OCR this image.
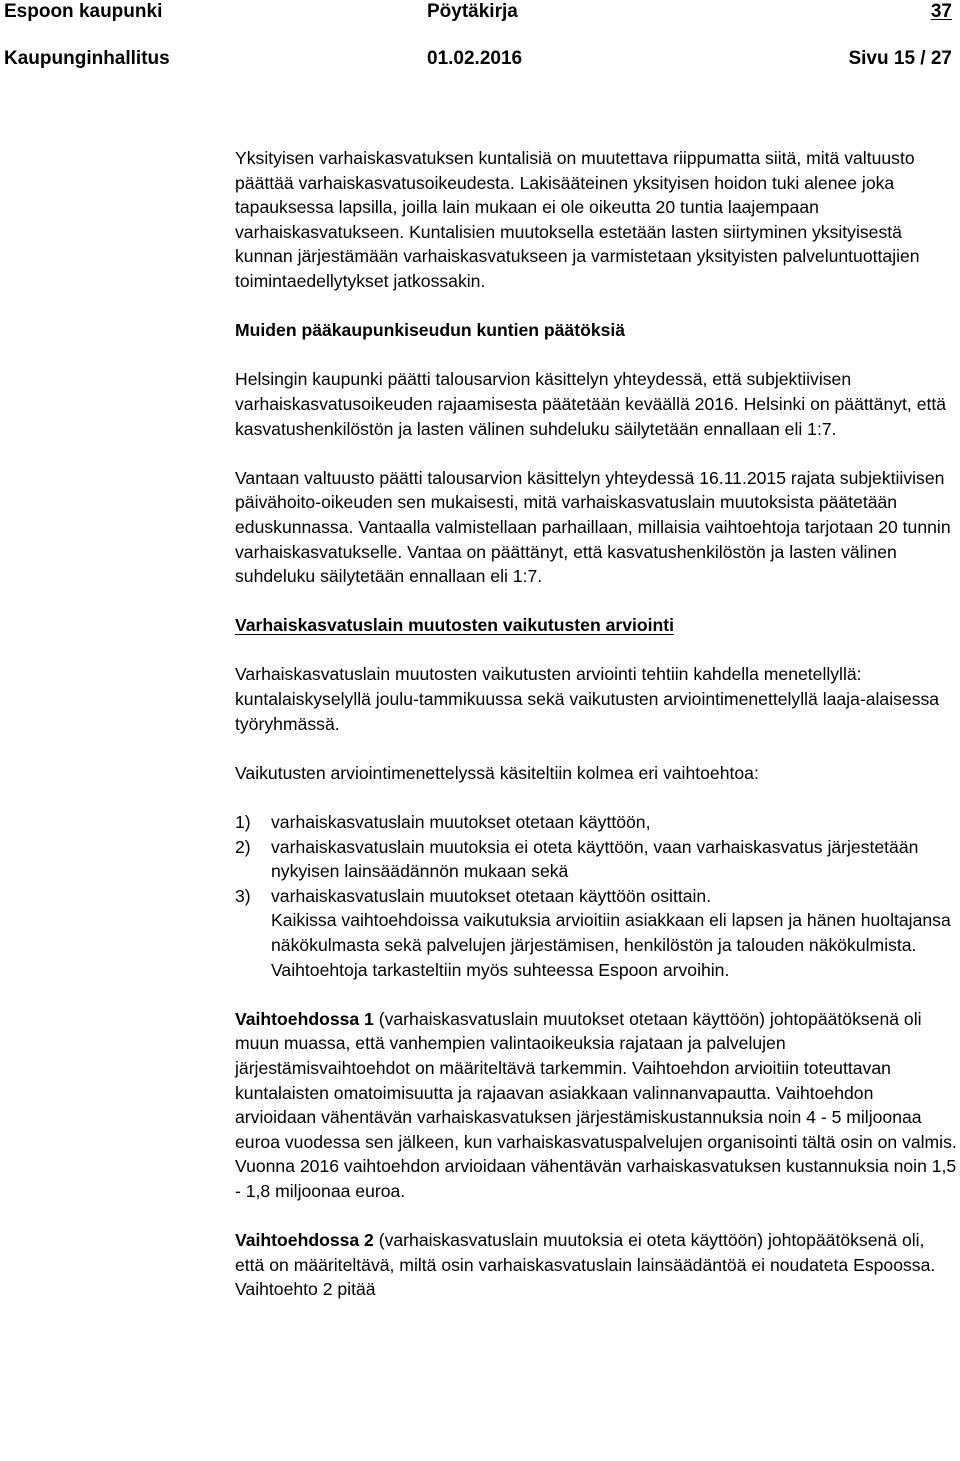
Espoon kaupunki	Pöytäkirja	37
Kaupunginhallitus	01.02.2016	Sivu 15 / 27

Yksityisen varhaiskasvatuksen kuntalisiä on muutettava riippumatta siitä, mitä valtuusto päättää varhaiskasvatusoikeudesta. Lakisääteinen yksityisen hoidon tuki alenee joka tapauksessa lapsilla, joilla lain mukaan ei ole oikeutta 20 tuntia laajempaan varhaiskasvatukseen. Kuntalisien muutoksella estetään lasten siirtyminen yksityisestä kunnan järjestämään varhaiskasvatukseen ja varmistetaan yksityisten palveluntuottajien toimintaedellytykset jatkossakin.

Muiden pääkaupunkiseudun kuntien päätöksiä

Helsingin kaupunki päätti talousarvion käsittelyn yhteydessä, että subjektiivisen varhaiskasvatusoikeuden rajaamisesta päätetään keväällä 2016. Helsinki on päättänyt, että kasvatushenkilöstön ja lasten välinen suhdeluku säilytetään ennallaan eli 1:7.

Vantaan valtuusto päätti talousarvion käsittelyn yhteydessä 16.11.2015 rajata subjektiivisen päivähoito-oikeuden sen mukaisesti, mitä varhaiskasvatuslain muutoksista päätetään eduskunnassa. Vantaalla valmistellaan parhaillaan, millaisia vaihtoehtoja tarjotaan 20 tunnin varhaiskasvatukselle. Vantaa on päättänyt, että kasvatushenkilöstön ja lasten välinen suhdeluku säilytetään ennallaan eli 1:7.

Varhaiskasvatuslain muutosten vaikutusten arviointi

Varhaiskasvatuslain muutosten vaikutusten arviointi tehtiin kahdella menetellyllä: kuntalaiskyselyllä joulu-tammikuussa sekä vaikutusten arviointimenettelyllä laaja-alaisessa työryhmässä.

Vaikutusten arviointimenettelyssä käsiteltiin kolmea eri vaihtoehtoa:

1) varhaiskasvatuslain muutokset otetaan käyttöön,
2) varhaiskasvatuslain muutoksia ei oteta käyttöön, vaan varhaiskasvatus järjestetään nykyisen lainsäädännön mukaan sekä
3) varhaiskasvatuslain muutokset otetaan käyttöön osittain.
Kaikissa vaihtoehdoissa vaikutuksia arvioitiin asiakkaan eli lapsen ja hänen huoltajansa näkökulmasta sekä palvelujen järjestämisen, henkilöstön ja talouden näkökulmista. Vaihtoehtoja tarkasteltiin myös suhteessa Espoon arvoihin.

Vaihtoehdossa 1 (varhaiskasvatuslain muutokset otetaan käyttöön) johtopäätöksenä oli muun muassa, että vanhempien valintaoikeuksia rajataan ja palvelujen järjestämisvaihtoehdot on määriteltävä tarkemmin. Vaihtoehdon arvioitiin toteuttavan kuntalaisten omatoimisuutta ja rajaavan asiakkaan valinnanvapautta. Vaihtoehdon arvioidaan vähentävän varhaiskasvatuksen järjestämiskustannuksia noin 4 - 5 miljoonaa euroa vuodessa sen jälkeen, kun varhaiskasvatuspalvelujen organisointi tältä osin on valmis. Vuonna 2016 vaihtoehdon arvioidaan vähentävän varhaiskasvatuksen kustannuksia noin 1,5 - 1,8 miljoonaa euroa.

Vaihtoehdossa 2 (varhaiskasvatuslain muutoksia ei oteta käyttöön) johtopäätöksenä oli, että on määriteltävä, miltä osin varhaiskasvatuslain lainsäädäntöä ei noudateta Espoossa. Vaihtoehto 2 pitää
